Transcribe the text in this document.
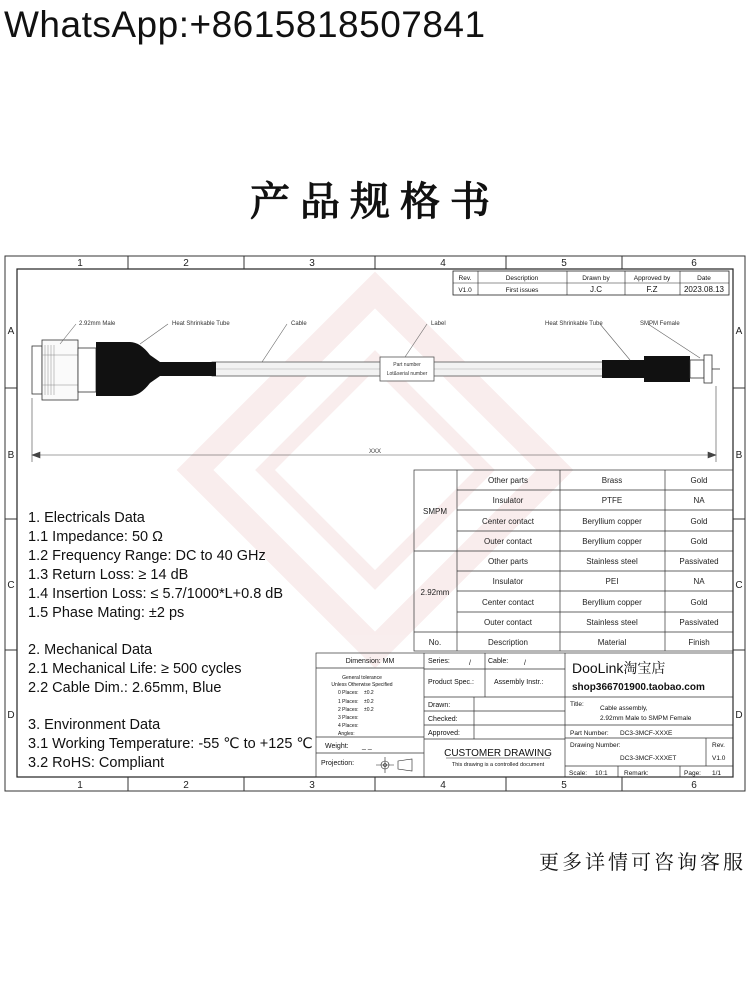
WhatsApp:+8615818507841
产品规格书
1	2	3	4	5	6
1	2	3	4	5	6
A
B
C
D
A
B
C
D
Rev.	Description	Drawn by	Approved by	Date
V1.0	First issues	J.C	F.Z	2023.08.13
Part number
Lot&serial number
2.92mm Male	Heat Shrinkable Tube	Cable	Label	Heat Shrinkable Tube	SMPM Female
XXX
SMPM
2.92mm
Other parts	Brass	Gold
Insulator	PTFE	NA
Center contact	Beryllium copper	Gold
Outer contact	Beryllium copper	Gold
Other parts	Stainless steel	Passivated
Insulator	PEI	NA
Center contact	Beryllium copper	Gold
Outer contact	Stainless steel	Passivated
No.	Description	Material	Finish
Dimension: MM
General tolerance
Unless Otherwise Specified
0 Places: ±0.2
1 Places: ±0.2
2 Places: ±0.2
3 Places:
4 Places:
Angles:
Weight: _ _
Projection:
Series:	/ Cable: /
Product Spec.:	Assembly Instr.:
Drawn:
Checked:
Approved:
CUSTOMER DRAWING
This drawing is a controlled document
DooLink淘宝店
shop366701900.taobao.com
Title:
Cable assembly,
2.92mm Male to SMPM Female
Part Number: DC3-3MCF-XXXE
Drawing Number:
DC3-3MCF-XXXET
Rev.
V1.0
Scale: 10:1	Remark:	Page: 1/1
1. Electricals Data
1.1 Impedance: 50 Ω
1.2 Frequency Range: DC to 40 GHz
1.3 Return Loss: ≥ 14 dB
1.4 Insertion Loss: ≤ 5.7/1000*L+0.8 dB
1.5 Phase Mating: ±2 ps
2. Mechanical Data
2.1 Mechanical Life: ≥ 500 cycles
2.2 Cable Dim.: 2.65mm, Blue
3. Environment Data
3.1 Working Temperature: -55 ℃ to +125 ℃
3.2 RoHS: Compliant
更多详情可咨询客服
